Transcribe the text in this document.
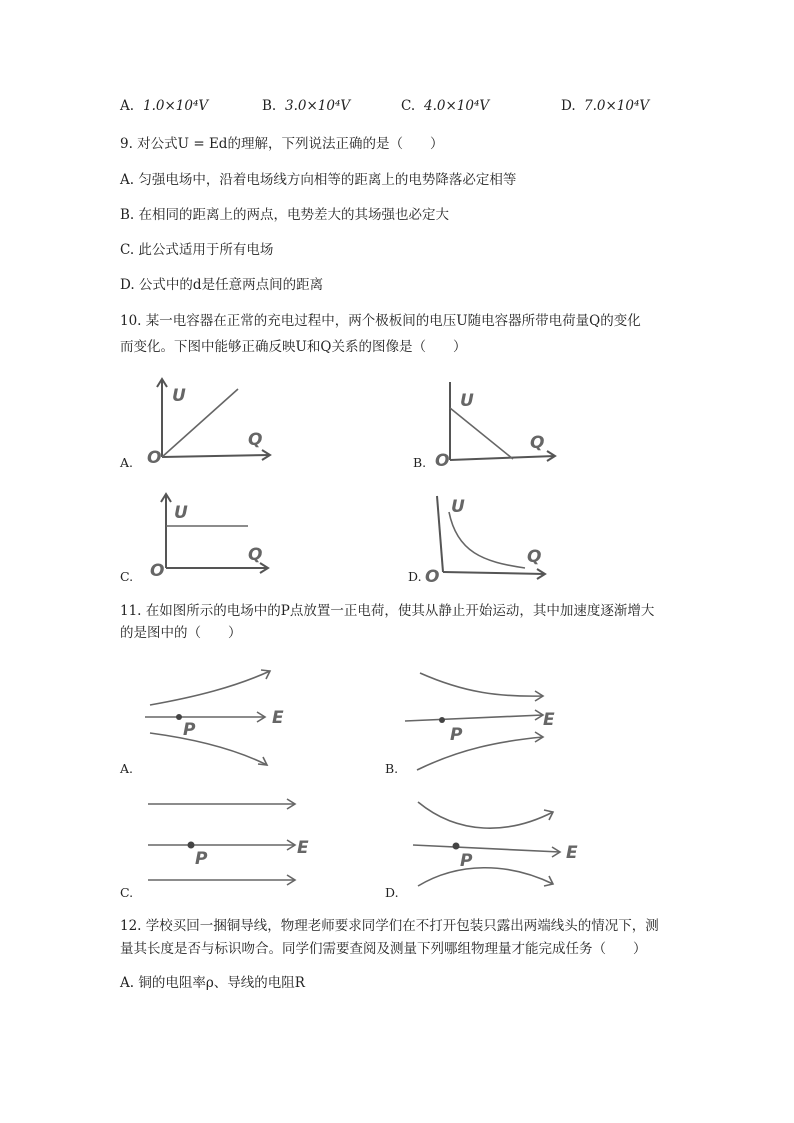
A. 1.0×10⁴V	B. 3.0×10⁴V	C. 4.0×10⁴V	D. 7.0×10⁴V
9. 对公式U = Ed的理解，下列说法正确的是（　　）
A. 匀强电场中，沿着电场线方向相等的距离上的电势降落必定相等
B. 在相同的距离上的两点，电势差大的其场强也必定大
C. 此公式适用于所有电场
D. 公式中的d是任意两点间的距离
10. 某一电容器在正常的充电过程中，两个极板间的电压U随电容器所带电荷量Q的变化
而变化。下图中能够正确反映U和Q关系的图像是（　　）
A.
U
Q
O	B.
U
Q
O
C.
U
Q
O	D.
U
Q
O
11. 在如图所示的电场中的P点放置一正电荷，使其从静止开始运动，其中加速度逐渐增大
的是图中的（　　）
A.
P
E
B.
P
E
C.
P
E
D.
P	E
12. 学校买回一捆铜导线，物理老师要求同学们在不打开包装只露出两端线头的情况下，测
量其长度是否与标识吻合。同学们需要查阅及测量下列哪组物理量才能完成任务（　　）
A. 铜的电阻率ρ、导线的电阻R
